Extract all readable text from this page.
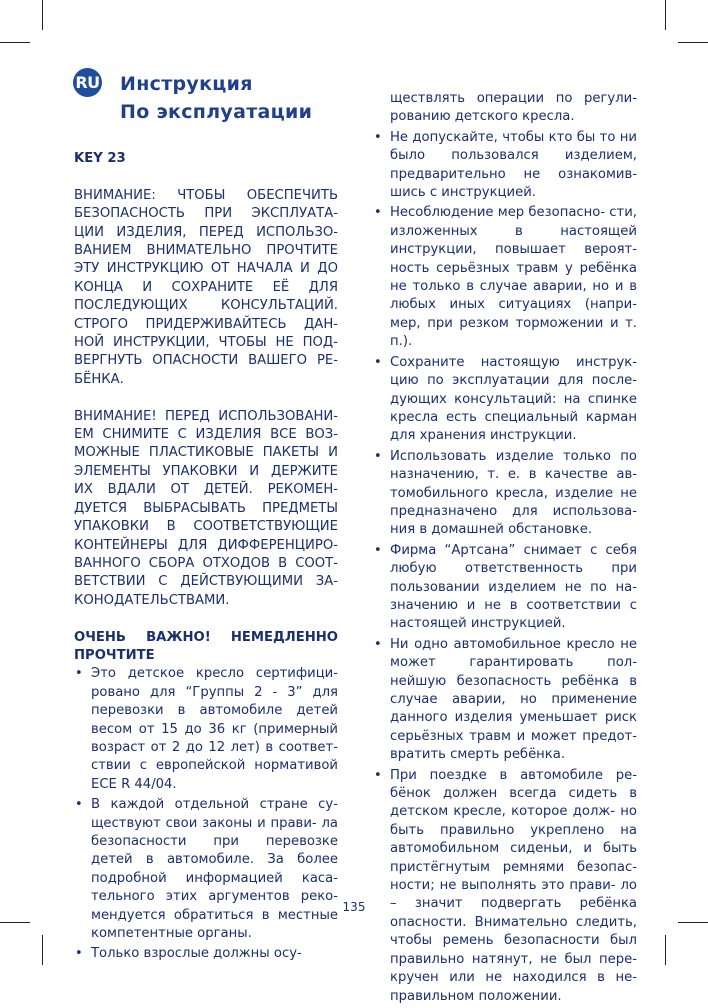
RU Инструкция
По эксплуатации

KEY 23

ВНИМАНИЕ: ЧТОБЫ ОБЕСПЕЧИТЬ БЕЗОПАСНОСТЬ ПРИ ЭКСПЛУАТА- ЦИИ ИЗДЕЛИЯ, ПЕРЕД ИСПОЛЬЗО- ВАНИЕМ ВНИМАТЕЛЬНО ПРОЧТИТЕ ЭТУ ИНСТРУКЦИЮ ОТ НАЧАЛА И ДО КОНЦА И СОХРАНИТЕ ЕЁ ДЛЯ ПОСЛЕДУЮЩИХ КОНСУЛЬТАЦИЙ. СТРОГО ПРИДЕРЖИВАЙТЕСЬ ДАН- НОЙ ИНСТРУКЦИИ, ЧТОБЫ НЕ ПОД- ВЕРГНУТЬ ОПАСНОСТИ ВАШЕГО РЕ- БЁНКА.

ВНИМАНИЕ! ПЕРЕД ИСПОЛЬЗОВАНИ- ЕМ СНИМИТЕ С ИЗДЕЛИЯ ВСЕ ВОЗ- МОЖНЫЕ ПЛАСТИКОВЫЕ ПАКЕТЫ И ЭЛЕМЕНТЫ УПАКОВКИ И ДЕРЖИТЕ ИХ ВДАЛИ ОТ ДЕТЕЙ. РЕКОМЕН- ДУЕТСЯ ВЫБРАСЫВАТЬ ПРЕДМЕТЫ УПАКОВКИ В СООТВЕТСТВУЮЩИЕ КОНТЕЙНЕРЫ ДЛЯ ДИФФЕРЕНЦИРО- ВАННОГО СБОРА ОТХОДОВ В СООТ- ВЕТСТВИИ С ДЕЙСТВУЮЩИМИ ЗА- КОНОДАТЕЛЬСТВАМИ.

ОЧЕНЬ ВАЖНО! НЕМЕДЛЕННО ПРОЧТИТЕ

• Это детское кресло сертифици- ровано для “Группы 2 - 3” для перевозки в автомобиле детей весом от 15 до 36 кг (примерный возраст от 2 до 12 лет) в соответ- ствии с европейской нормативой ECE R 44/04.
• В каждой отдельной стране су- ществуют свои законы и прави- ла безопасности при перевозке детей в автомобиле. За более подробной информацией каса- тельного этих аргументов реко- мендуется обратиться в местные компетентные органы.
• Только взрослые должны осу-

ществлять операции по регули- рованию детского кресла.

• Не допускайте, чтобы кто бы то ни было пользовался изделием, предварительно не ознакомив- шись с инструкцией.
• Несоблюдение мер безопасно- сти, изложенных в настоящей инструкции, повышает вероят- ность серьёзных травм у ребёнка не только в случае аварии, но и в любых иных ситуациях (напри- мер, при резком торможении и т. п.).
• Сохраните настоящую инструк- цию по эксплуатации для после- дующих консультаций: на спинке кресла есть специальный карман для хранения инструкции.
• Использовать изделие только по назначению, т. е. в качестве ав- томобильного кресла, изделие не предназначено для использова- ния в домашней обстановке.
• Фирма “Артсана” снимает с себя любую ответственность при пользовании изделием не по на- значению и не в соответствии с настоящей инструкцией.
• Ни одно автомобильное кресло не может гарантировать пол- нейшую безопасность ребёнка в случае аварии, но применение данного изделия уменьшает риск серьёзных травм и может предот- вратить смерть ребёнка.
• При поездке в автомобиле ре- бёнок должен всегда сидеть в детском кресле, которое долж- но быть правильно укреплено на автомобильном сиденьи, и быть пристёгнутым ремнями безопас- ности; не выполнять это прави- ло – значит подвергать ребёнка опасности. Внимательно следить, чтобы ремень безопасности был правильно натянут, не был пере- кручен или не находился в не- правильном положении.
135
